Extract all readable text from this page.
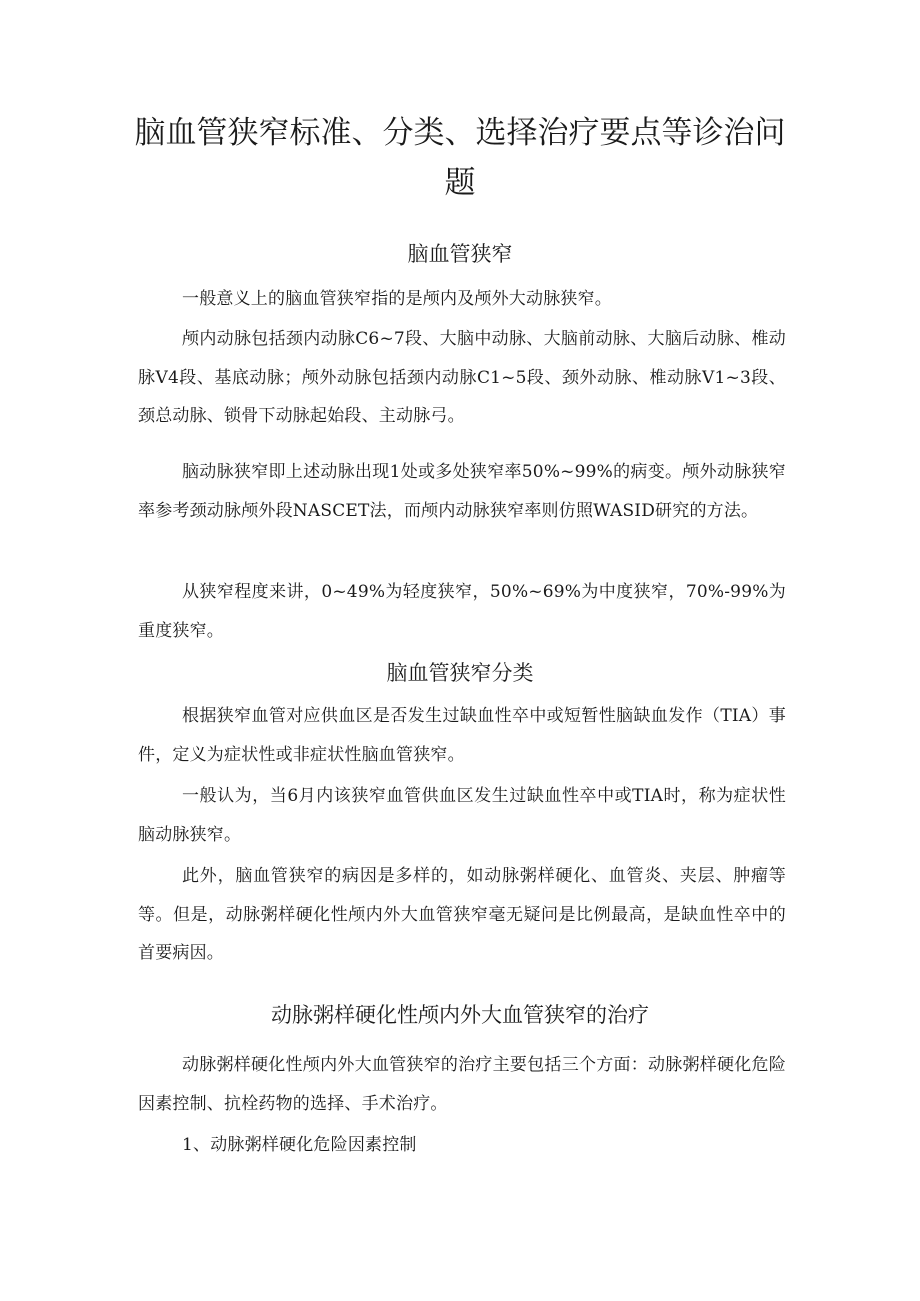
脑血管狭窄标准、分类、选择治疗要点等诊治问题
脑血管狭窄

一般意义上的脑血管狭窄指的是颅内及颅外大动脉狭窄。

颅内动脉包括颈内动脉C6~7段、大脑中动脉、大脑前动脉、大脑后动脉、椎动脉V4段、基底动脉；颅外动脉包括颈内动脉C1~5段、颈外动脉、椎动脉V1~3段、颈总动脉、锁骨下动脉起始段、主动脉弓。

脑动脉狭窄即上述动脉出现1处或多处狭窄率50%~99%的病变。颅外动脉狭窄率参考颈动脉颅外段NASCET法，而颅内动脉狭窄率则仿照WASID研究的方法。

从狭窄程度来讲，0~49%为轻度狭窄，50%~69%为中度狭窄，70%-99%为重度狭窄。

脑血管狭窄分类

根据狭窄血管对应供血区是否发生过缺血性卒中或短暂性脑缺血发作（TIA）事件，定义为症状性或非症状性脑血管狭窄。

一般认为，当6月内该狭窄血管供血区发生过缺血性卒中或TIA时，称为症状性脑动脉狭窄。

此外，脑血管狭窄的病因是多样的，如动脉粥样硬化、血管炎、夹层、肿瘤等等。但是，动脉粥样硬化性颅内外大血管狭窄毫无疑问是比例最高，是缺血性卒中的首要病因。

动脉粥样硬化性颅内外大血管狭窄的治疗

动脉粥样硬化性颅内外大血管狭窄的治疗主要包括三个方面：动脉粥样硬化危险因素控制、抗栓药物的选择、手术治疗。

1、动脉粥样硬化危险因素控制
